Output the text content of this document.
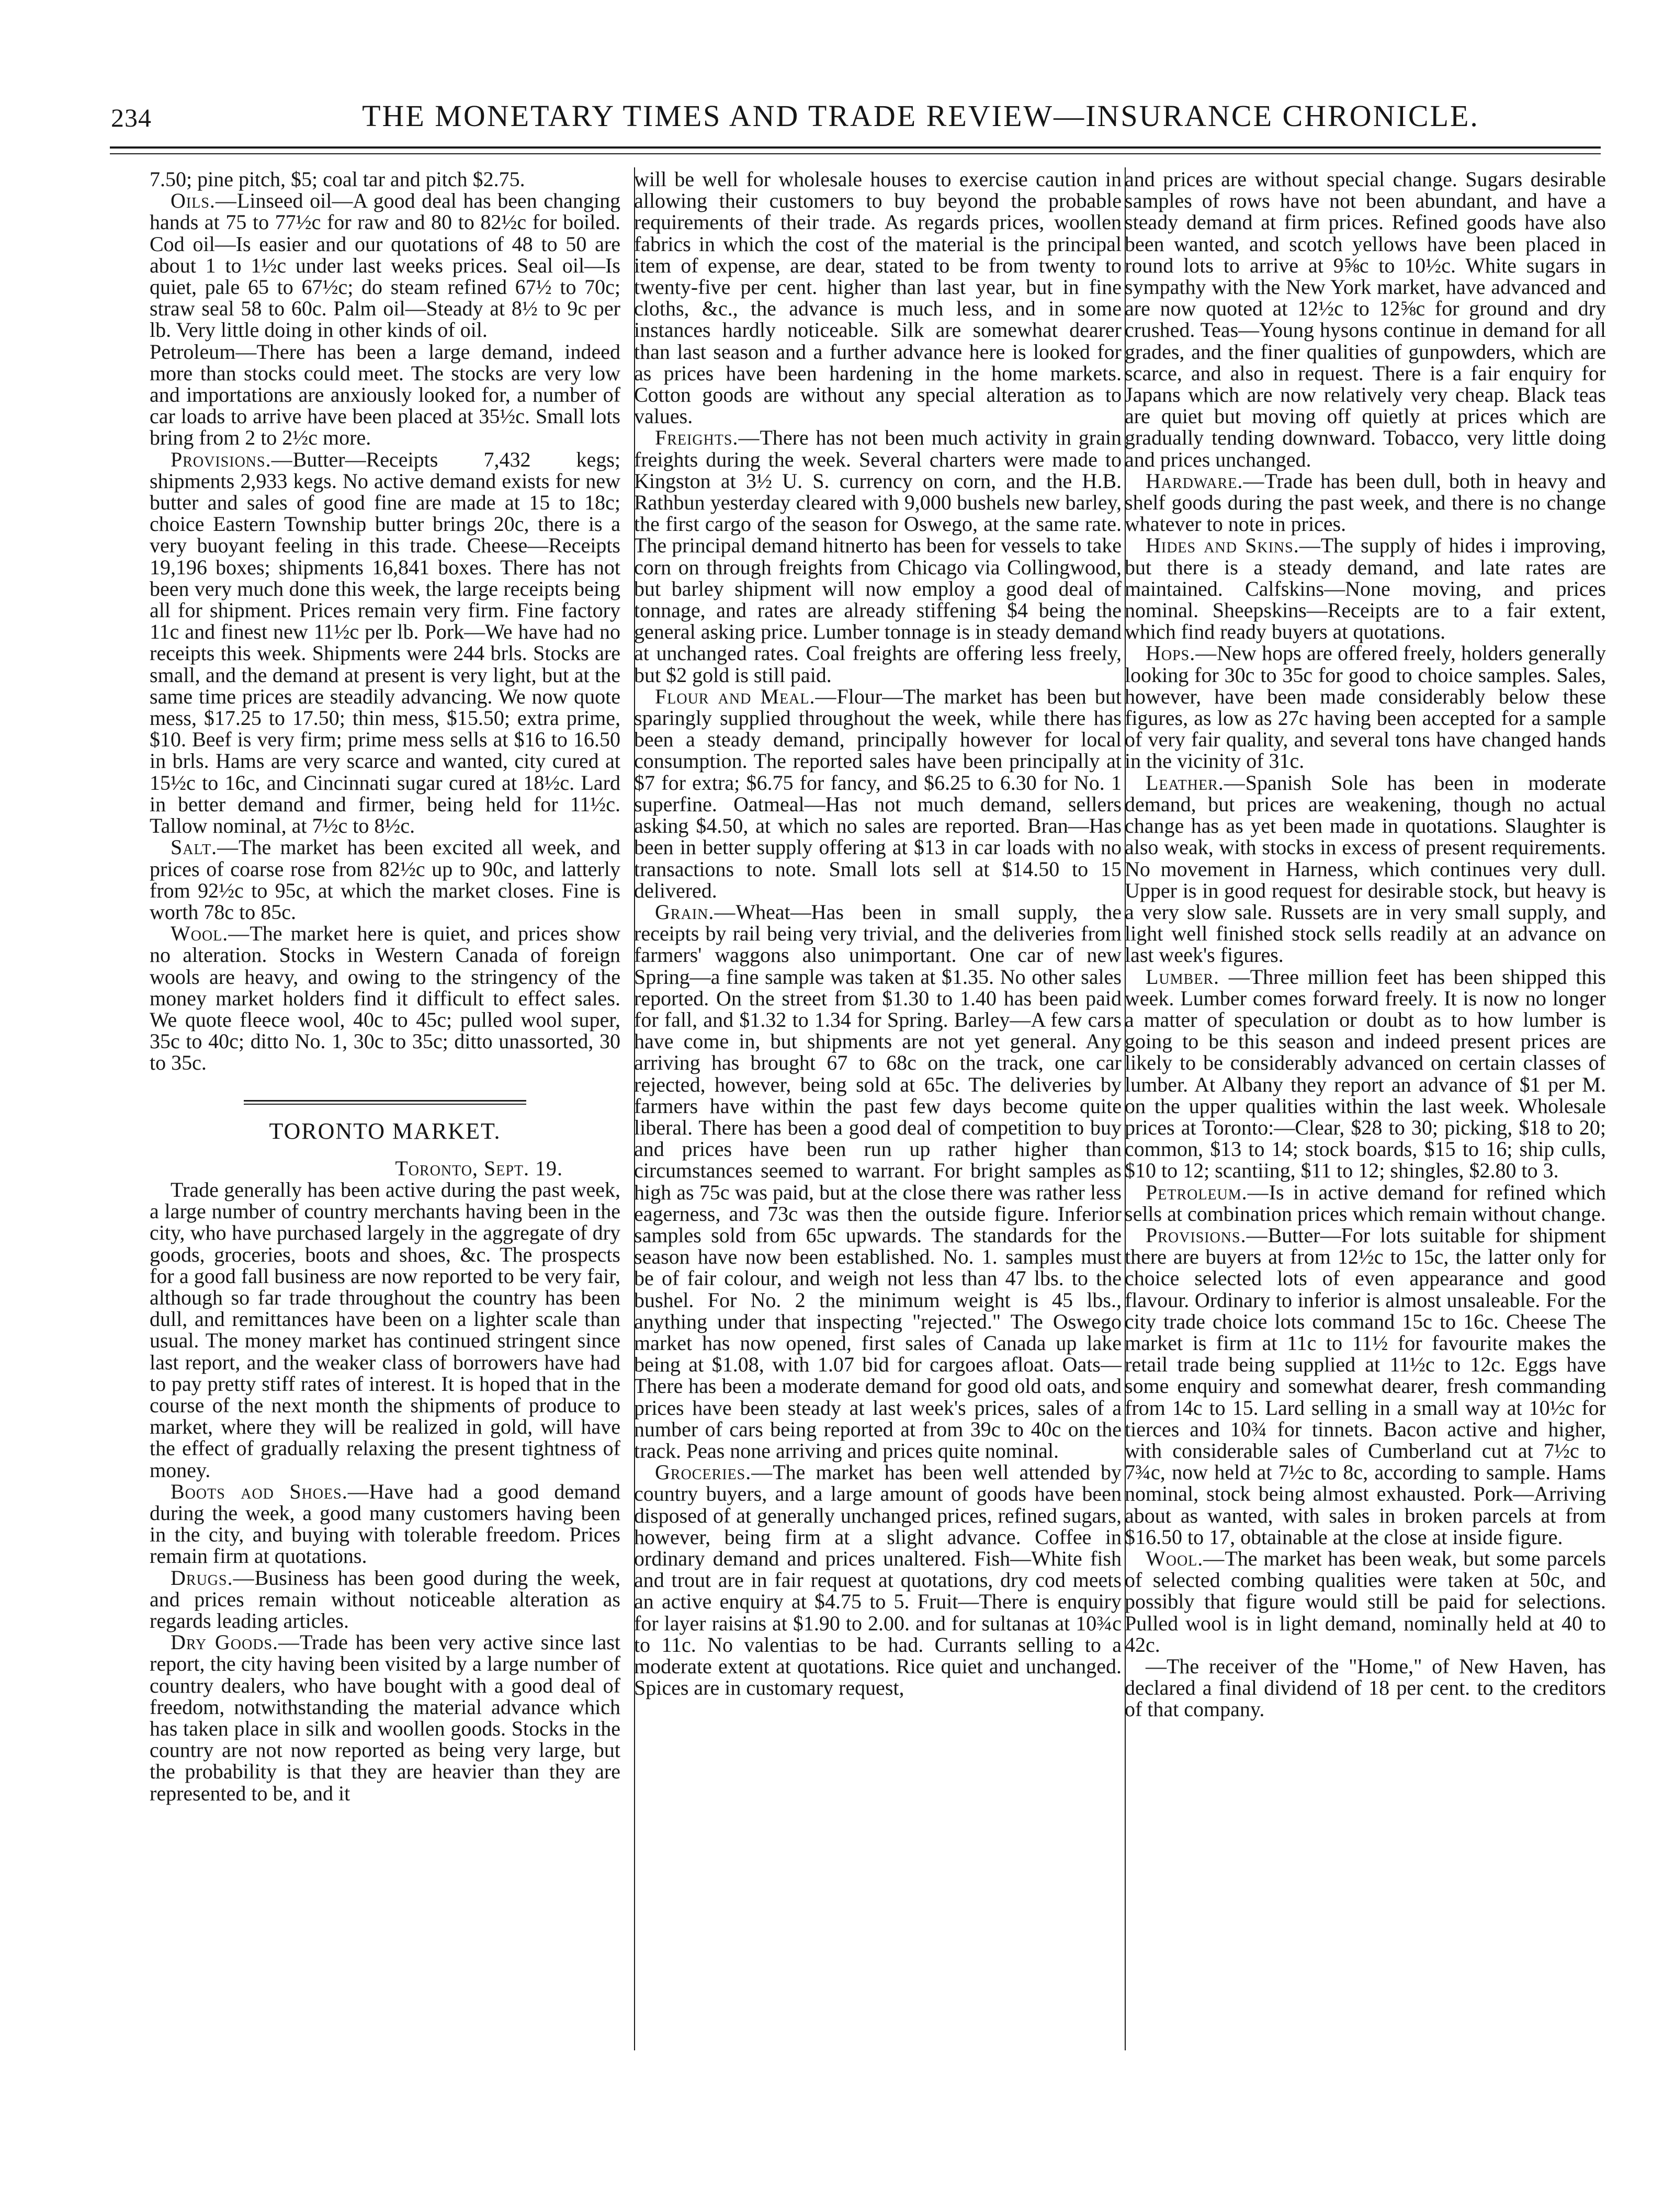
234	THE MONETARY TIMES AND TRADE REVIEW—INSURANCE CHRONICLE.

7.50; pine pitch, $5; coal tar and pitch $2.75.

Oils.—Linseed oil—A good deal has been changing hands at 75 to 77½c for raw and 80 to 82½c for boiled. Cod oil—Is easier and our quotations of 48 to 50 are about 1 to 1½c under last weeks prices. Seal oil—Is quiet, pale 65 to 67½c; do steam refined 67½ to 70c; straw seal 58 to 60c. Palm oil—Steady at 8½ to 9c per lb. Very little doing in other kinds of oil.

Petroleum—There has been a large demand, indeed more than stocks could meet. The stocks are very low and importations are anxiously looked for, a number of car loads to arrive have been placed at 35½c. Small lots bring from 2 to 2½c more.

Provisions.—Butter—Receipts 7,432 kegs; shipments 2,933 kegs. No active demand exists for new butter and sales of good fine are made at 15 to 18c; choice Eastern Township butter brings 20c, there is a very buoyant feeling in this trade. Cheese—Receipts 19,196 boxes; shipments 16,841 boxes. There has not been very much done this week, the large receipts being all for shipment. Prices remain very firm. Fine factory 11c and finest new 11½c per lb. Pork—We have had no receipts this week. Shipments were 244 brls. Stocks are small, and the demand at present is very light, but at the same time prices are steadily advancing. We now quote mess, $17.25 to 17.50; thin mess, $15.50; extra prime, $10. Beef is very firm; prime mess sells at $16 to 16.50 in brls. Hams are very scarce and wanted, city cured at 15½c to 16c, and Cincinnati sugar cured at 18½c. Lard in better demand and firmer, being held for 11½c. Tallow nominal, at 7½c to 8½c.

Salt.—The market has been excited all week, and prices of coarse rose from 82½c up to 90c, and latterly from 92½c to 95c, at which the market closes. Fine is worth 78c to 85c.

Wool.—The market here is quiet, and prices show no alteration. Stocks in Western Canada of foreign wools are heavy, and owing to the stringency of the money market holders find it difficult to effect sales. We quote fleece wool, 40c to 45c; pulled wool super, 35c to 40c; ditto No. 1, 30c to 35c; ditto unassorted, 30 to 35c.

TORONTO MARKET.

Toronto, Sept. 19.

Trade generally has been active during the past week, a large number of country merchants having been in the city, who have purchased largely in the aggregate of dry goods, groceries, boots and shoes, &c. The prospects for a good fall business are now reported to be very fair, although so far trade throughout the country has been dull, and remittances have been on a lighter scale than usual. The money market has continued stringent since last report, and the weaker class of borrowers have had to pay pretty stiff rates of interest. It is hoped that in the course of the next month the shipments of produce to market, where they will be realized in gold, will have the effect of gradually relaxing the present tightness of money.

Boots aod Shoes.—Have had a good demand during the week, a good many customers having been in the city, and buying with tolerable freedom. Prices remain firm at quotations.

Drugs.—Business has been good during the week, and prices remain without noticeable alteration as regards leading articles.

Dry Goods.—Trade has been very active since last report, the city having been visited by a large number of country dealers, who have bought with a good deal of freedom, notwithstanding the material advance which has taken place in silk and woollen goods. Stocks in the country are not now reported as being very large, but the probability is that they are heavier than they are represented to be, and it

will be well for wholesale houses to exercise caution in allowing their customers to buy beyond the probable requirements of their trade. As regards prices, woollen fabrics in which the cost of the material is the principal item of expense, are dear, stated to be from twenty to twenty-five per cent. higher than last year, but in fine cloths, &c., the advance is much less, and in some instances hardly noticeable. Silk are somewhat dearer than last season and a further advance here is looked for as prices have been hardening in the home markets. Cotton goods are without any special alteration as to values.

Freights.—There has not been much activity in grain freights during the week. Several charters were made to Kingston at 3½ U. S. currency on corn, and the H.B. Rathbun yesterday cleared with 9,000 bushels new barley, the first cargo of the season for Oswego, at the same rate. The principal demand hitnerto has been for vessels to take corn on through freights from Chicago via Collingwood, but barley shipment will now employ a good deal of tonnage, and rates are already stiffening $4 being the general asking price. Lumber tonnage is in steady demand at unchanged rates. Coal freights are offering less freely, but $2 gold is still paid.

Flour and Meal.—Flour—The market has been but sparingly supplied throughout the week, while there has been a steady demand, principally however for local consumption. The reported sales have been principally at $7 for extra; $6.75 for fancy, and $6.25 to 6.30 for No. 1 superfine. Oatmeal—Has not much demand, sellers asking $4.50, at which no sales are reported. Bran—Has been in better supply offering at $13 in car loads with no transactions to note. Small lots sell at $14.50 to 15 delivered.

Grain.—Wheat—Has been in small supply, the receipts by rail being very trivial, and the deliveries from farmers' waggons also unimportant. One car of new Spring—a fine sample was taken at $1.35. No other sales reported. On the street from $1.30 to 1.40 has been paid for fall, and $1.32 to 1.34 for Spring. Barley—A few cars have come in, but shipments are not yet general. Any arriving has brought 67 to 68c on the track, one car rejected, however, being sold at 65c. The deliveries by farmers have within the past few days become quite liberal. There has been a good deal of competition to buy and prices have been run up rather higher than circumstances seemed to warrant. For bright samples as high as 75c was paid, but at the close there was rather less eagerness, and 73c was then the outside figure. Inferior samples sold from 65c upwards. The standards for the season have now been established. No. 1. samples must be of fair colour, and weigh not less than 47 lbs. to the bushel. For No. 2 the minimum weight is 45 lbs., anything under that inspecting "rejected." The Oswego market has now opened, first sales of Canada up lake being at $1.08, with 1.07 bid for cargoes afloat. Oats—There has been a moderate demand for good old oats, and prices have been steady at last week's prices, sales of a number of cars being reported at from 39c to 40c on the track. Peas none arriving and prices quite nominal.

Groceries.—The market has been well attended by country buyers, and a large amount of goods have been disposed of at generally unchanged prices, refined sugars, however, being firm at a slight advance. Coffee in ordinary demand and prices unaltered. Fish—White fish and trout are in fair request at quotations, dry cod meets an active enquiry at $4.75 to 5. Fruit—There is enquiry for layer raisins at $1.90 to 2.00. and for sultanas at 10¾c to 11c. No valentias to be had. Currants selling to a moderate extent at quotations. Rice quiet and unchanged. Spices are in customary request,

and prices are without special change. Sugars desirable samples of rows have not been abundant, and have a steady demand at firm prices. Refined goods have also been wanted, and scotch yellows have been placed in round lots to arrive at 9⅝c to 10½c. White sugars in sympathy with the New York market, have advanced and are now quoted at 12½c to 12⅝c for ground and dry crushed. Teas—Young hysons continue in demand for all grades, and the finer qualities of gunpowders, which are scarce, and also in request. There is a fair enquiry for Japans which are now relatively very cheap. Black teas are quiet but moving off quietly at prices which are gradually tending downward. Tobacco, very little doing and prices unchanged.

Hardware.—Trade has been dull, both in heavy and shelf goods during the past week, and there is no change whatever to note in prices.

Hides and Skins.—The supply of hides i improving, but there is a steady demand, and late rates are maintained. Calfskins—None moving, and prices nominal. Sheepskins—Receipts are to a fair extent, which find ready buyers at quotations.

Hops.—New hops are offered freely, holders generally looking for 30c to 35c for good to choice samples. Sales, however, have been made considerably below these figures, as low as 27c having been accepted for a sample of very fair quality, and several tons have changed hands in the vicinity of 31c.

Leather.—Spanish Sole has been in moderate demand, but prices are weakening, though no actual change has as yet been made in quotations. Slaughter is also weak, with stocks in excess of present requirements. No movement in Harness, which continues very dull. Upper is in good request for desirable stock, but heavy is a very slow sale. Russets are in very small supply, and light well finished stock sells readily at an advance on last week's figures.

Lumber. —Three million feet has been shipped this week. Lumber comes forward freely. It is now no longer a matter of speculation or doubt as to how lumber is going to be this season and indeed present prices are likely to be considerably advanced on certain classes of lumber. At Albany they report an advance of $1 per M. on the upper qualities within the last week. Wholesale prices at Toronto:—Clear, $28 to 30; picking, $18 to 20; common, $13 to 14; stock boards, $15 to 16; ship culls, $10 to 12; scantiing, $11 to 12; shingles, $2.80 to 3.

Petroleum.—Is in active demand for refined which sells at combination prices which remain without change.

Provisions.—Butter—For lots suitable for shipment there are buyers at from 12½c to 15c, the latter only for choice selected lots of even appearance and good flavour. Ordinary to inferior is almost unsaleable. For the city trade choice lots command 15c to 16c. Cheese The market is firm at 11c to 11½ for favourite makes the retail trade being supplied at 11½c to 12c. Eggs have some enquiry and somewhat dearer, fresh commanding from 14c to 15. Lard selling in a small way at 10½c for tierces and 10¾ for tinnets. Bacon active and higher, with considerable sales of Cumberland cut at 7½c to 7¾c, now held at 7½c to 8c, according to sample. Hams nominal, stock being almost exhausted. Pork—Arriving about as wanted, with sales in broken parcels at from $16.50 to 17, obtainable at the close at inside figure.

Wool.—The market has been weak, but some parcels of selected combing qualities were taken at 50c, and possibly that figure would still be paid for selections. Pulled wool is in light demand, nominally held at 40 to 42c.

—The receiver of the "Home," of New Haven, has declared a final dividend of 18 per cent. to the creditors of that company.
